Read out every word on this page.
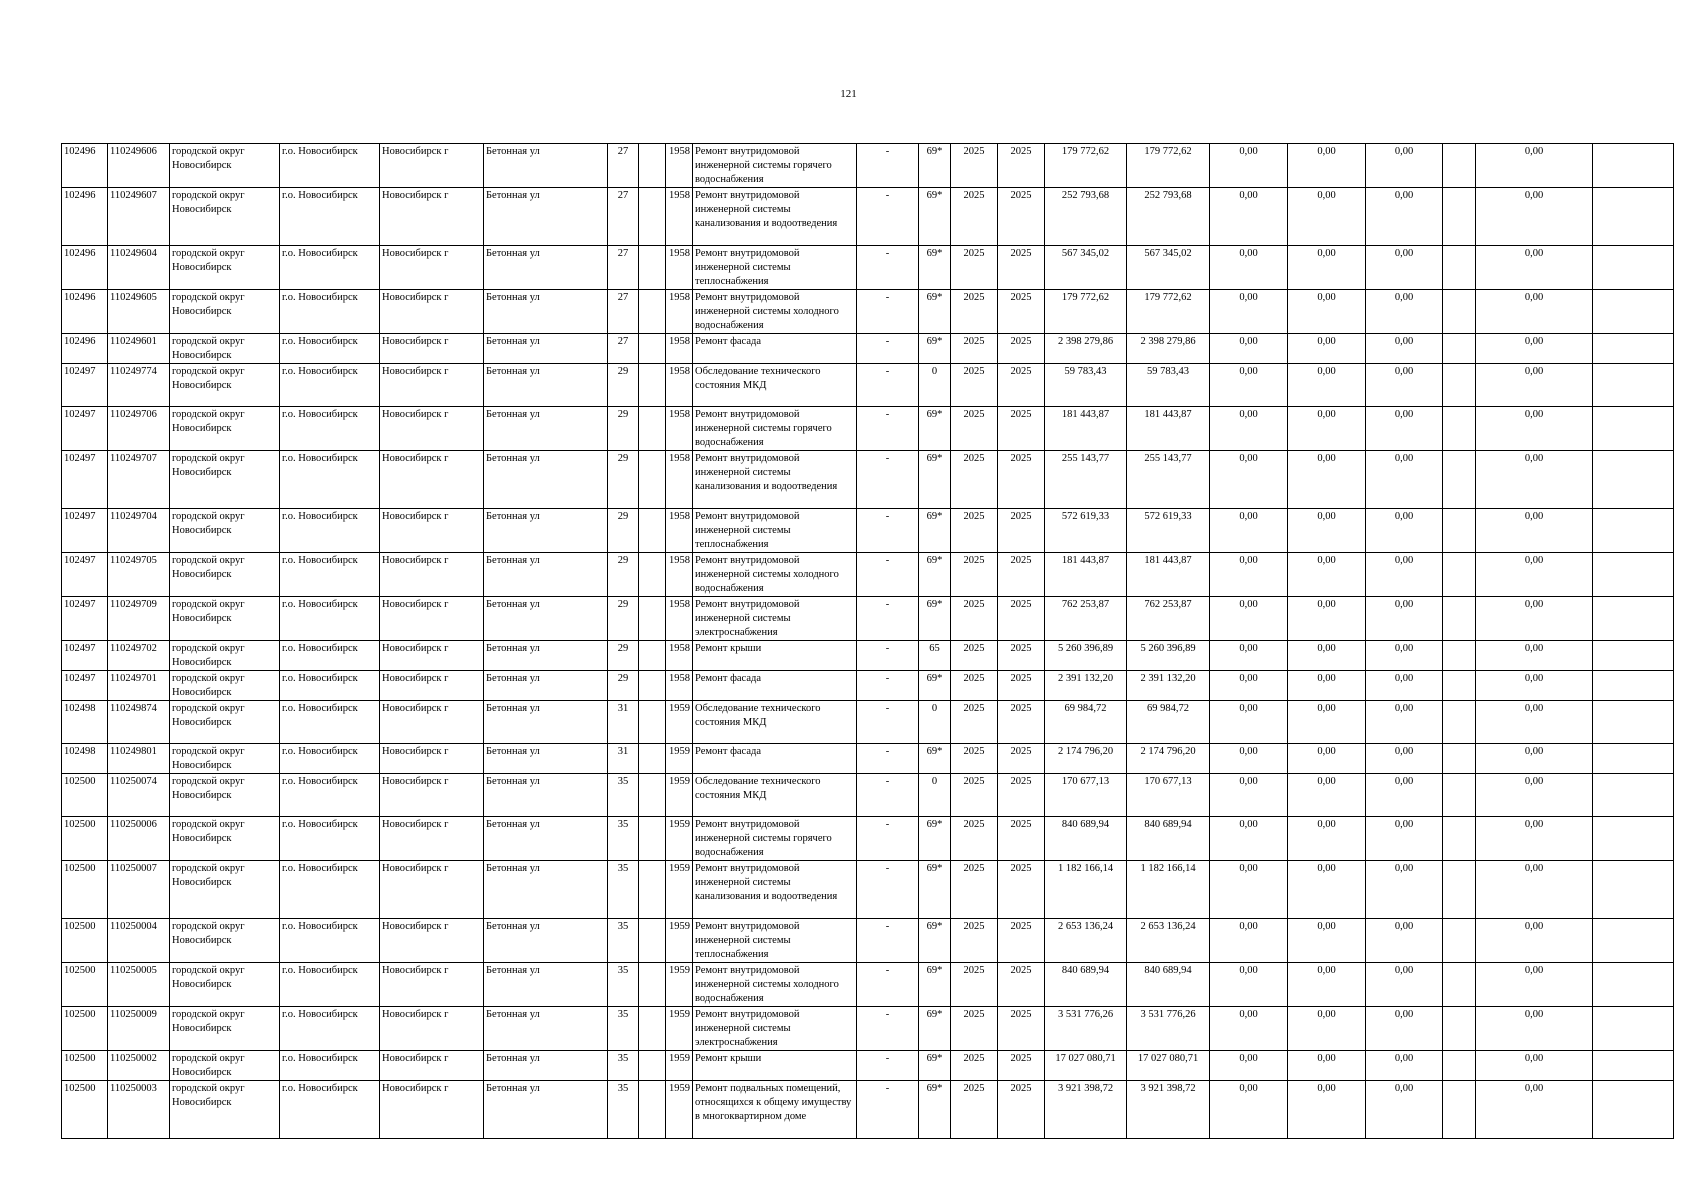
121
102496	110249606	городской округ Новосибирск	г.о. Новосибирск	Новосибирск г	Бетонная ул	27		1958	Ремонт внутридомовой инженерной системы горячего водоснабжения	-	69*	2025	2025	179 772,62	179 772,62	0,00	0,00	0,00		0,00	
102496	110249607	городской округ Новосибирск	г.о. Новосибирск	Новосибирск г	Бетонная ул	27		1958	Ремонт внутридомовой инженерной системы канализования и водоотведения	-	69*	2025	2025	252 793,68	252 793,68	0,00	0,00	0,00		0,00	
102496	110249604	городской округ Новосибирск	г.о. Новосибирск	Новосибирск г	Бетонная ул	27		1958	Ремонт внутридомовой инженерной системы теплоснабжения	-	69*	2025	2025	567 345,02	567 345,02	0,00	0,00	0,00		0,00	
102496	110249605	городской округ Новосибирск	г.о. Новосибирск	Новосибирск г	Бетонная ул	27		1958	Ремонт внутридомовой инженерной системы холодного водоснабжения	-	69*	2025	2025	179 772,62	179 772,62	0,00	0,00	0,00		0,00	
102496	110249601	городской округ Новосибирск	г.о. Новосибирск	Новосибирск г	Бетонная ул	27		1958	Ремонт фасада	-	69*	2025	2025	2 398 279,86	2 398 279,86	0,00	0,00	0,00		0,00	
102497	110249774	городской округ Новосибирск	г.о. Новосибирск	Новосибирск г	Бетонная ул	29		1958	Обследование технического состояния МКД	-	0	2025	2025	59 783,43	59 783,43	0,00	0,00	0,00		0,00	
102497	110249706	городской округ Новосибирск	г.о. Новосибирск	Новосибирск г	Бетонная ул	29		1958	Ремонт внутридомовой инженерной системы горячего водоснабжения	-	69*	2025	2025	181 443,87	181 443,87	0,00	0,00	0,00		0,00	
102497	110249707	городской округ Новосибирск	г.о. Новосибирск	Новосибирск г	Бетонная ул	29		1958	Ремонт внутридомовой инженерной системы канализования и водоотведения	-	69*	2025	2025	255 143,77	255 143,77	0,00	0,00	0,00		0,00	
102497	110249704	городской округ Новосибирск	г.о. Новосибирск	Новосибирск г	Бетонная ул	29		1958	Ремонт внутридомовой инженерной системы теплоснабжения	-	69*	2025	2025	572 619,33	572 619,33	0,00	0,00	0,00		0,00	
102497	110249705	городской округ Новосибирск	г.о. Новосибирск	Новосибирск г	Бетонная ул	29		1958	Ремонт внутридомовой инженерной системы холодного водоснабжения	-	69*	2025	2025	181 443,87	181 443,87	0,00	0,00	0,00		0,00	
102497	110249709	городской округ Новосибирск	г.о. Новосибирск	Новосибирск г	Бетонная ул	29		1958	Ремонт внутридомовой инженерной системы электроснабжения	-	69*	2025	2025	762 253,87	762 253,87	0,00	0,00	0,00		0,00	
102497	110249702	городской округ Новосибирск	г.о. Новосибирск	Новосибирск г	Бетонная ул	29		1958	Ремонт крыши	-	65	2025	2025	5 260 396,89	5 260 396,89	0,00	0,00	0,00		0,00	
102497	110249701	городской округ Новосибирск	г.о. Новосибирск	Новосибирск г	Бетонная ул	29		1958	Ремонт фасада	-	69*	2025	2025	2 391 132,20	2 391 132,20	0,00	0,00	0,00		0,00	
102498	110249874	городской округ Новосибирск	г.о. Новосибирск	Новосибирск г	Бетонная ул	31		1959	Обследование технического состояния МКД	-	0	2025	2025	69 984,72	69 984,72	0,00	0,00	0,00		0,00	
102498	110249801	городской округ Новосибирск	г.о. Новосибирск	Новосибирск г	Бетонная ул	31		1959	Ремонт фасада	-	69*	2025	2025	2 174 796,20	2 174 796,20	0,00	0,00	0,00		0,00	
102500	110250074	городской округ Новосибирск	г.о. Новосибирск	Новосибирск г	Бетонная ул	35		1959	Обследование технического состояния МКД	-	0	2025	2025	170 677,13	170 677,13	0,00	0,00	0,00		0,00	
102500	110250006	городской округ Новосибирск	г.о. Новосибирск	Новосибирск г	Бетонная ул	35		1959	Ремонт внутридомовой инженерной системы горячего водоснабжения	-	69*	2025	2025	840 689,94	840 689,94	0,00	0,00	0,00		0,00	
102500	110250007	городской округ Новосибирск	г.о. Новосибирск	Новосибирск г	Бетонная ул	35		1959	Ремонт внутридомовой инженерной системы канализования и водоотведения	-	69*	2025	2025	1 182 166,14	1 182 166,14	0,00	0,00	0,00		0,00	
102500	110250004	городской округ Новосибирск	г.о. Новосибирск	Новосибирск г	Бетонная ул	35		1959	Ремонт внутридомовой инженерной системы теплоснабжения	-	69*	2025	2025	2 653 136,24	2 653 136,24	0,00	0,00	0,00		0,00	
102500	110250005	городской округ Новосибирск	г.о. Новосибирск	Новосибирск г	Бетонная ул	35		1959	Ремонт внутридомовой инженерной системы холодного водоснабжения	-	69*	2025	2025	840 689,94	840 689,94	0,00	0,00	0,00		0,00	
102500	110250009	городской округ Новосибирск	г.о. Новосибирск	Новосибирск г	Бетонная ул	35		1959	Ремонт внутридомовой инженерной системы электроснабжения	-	69*	2025	2025	3 531 776,26	3 531 776,26	0,00	0,00	0,00		0,00	
102500	110250002	городской округ Новосибирск	г.о. Новосибирск	Новосибирск г	Бетонная ул	35		1959	Ремонт крыши	-	69*	2025	2025	17 027 080,71	17 027 080,71	0,00	0,00	0,00		0,00	
102500	110250003	городской округ Новосибирск	г.о. Новосибирск	Новосибирск г	Бетонная ул	35		1959	Ремонт подвальных помещений, относящихся к общему имуществу в многоквартирном доме	-	69*	2025	2025	3 921 398,72	3 921 398,72	0,00	0,00	0,00		0,00	
